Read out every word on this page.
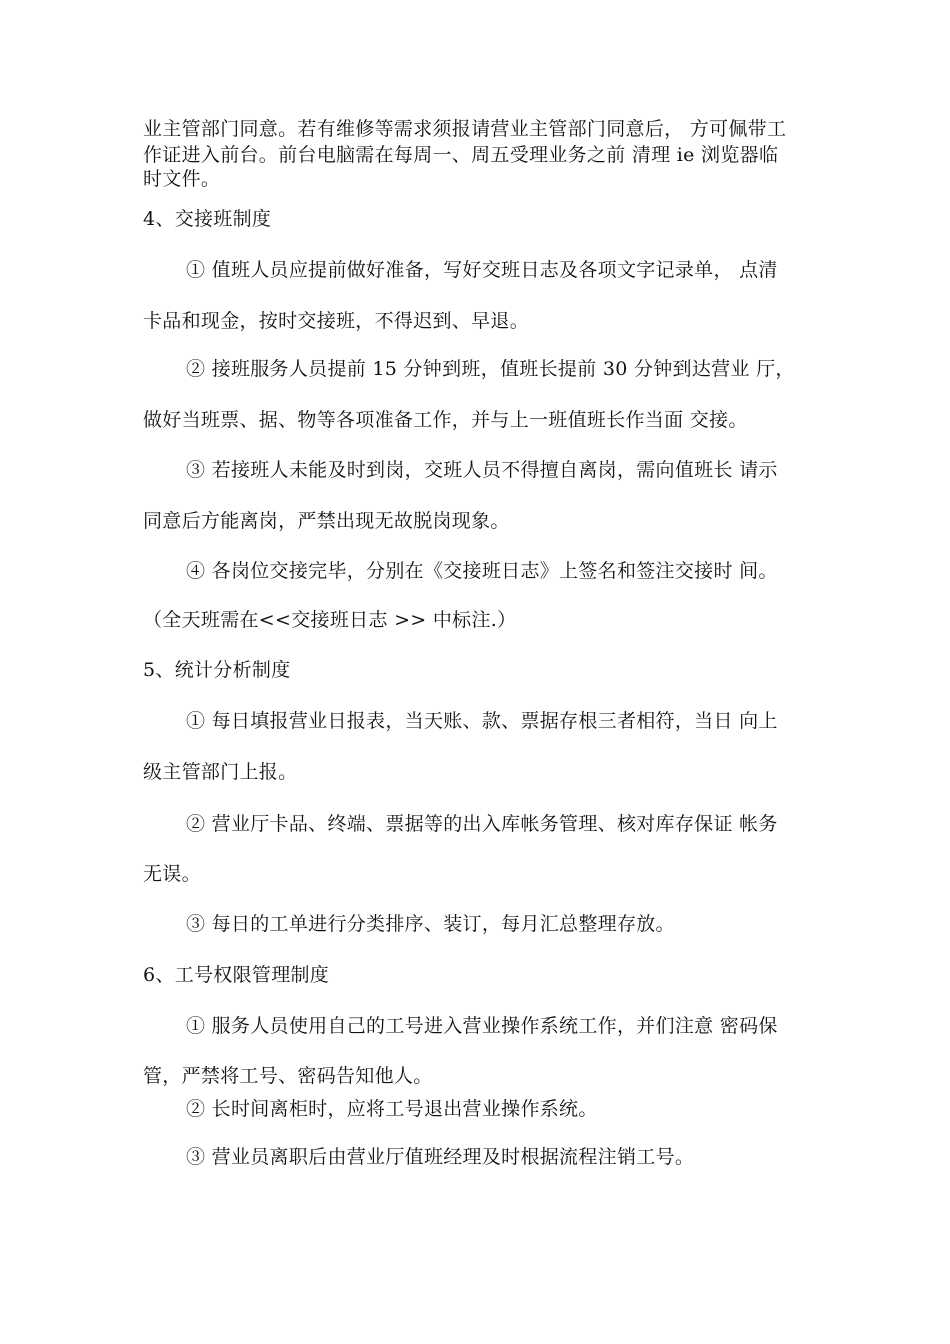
业主管部门同意。若有维修等需求须报请营业主管部门同意后， 方可佩带工
作证进入前台。前台电脑需在每周一、周五受理业务之前 清理 ie 浏览器临
时文件。
4、交接班制度
① 值班人员应提前做好准备，写好交班日志及各项文字记录单， 点清
卡品和现金，按时交接班，不得迟到、早退。
② 接班服务人员提前 15 分钟到班，值班长提前 30 分钟到达营业 厅，
做好当班票、据、物等各项准备工作，并与上一班值班长作当面 交接。
③ 若接班人未能及时到岗，交班人员不得擅自离岗，需向值班长 请示
同意后方能离岗，严禁出现无故脱岗现象。
④ 各岗位交接完毕，分别在《交接班日志》上签名和签注交接时 间。
（全天班需在<<交接班日志 >> 中标注.）
5、统计分析制度
① 每日填报营业日报表，当天账、款、票据存根三者相符，当日 向上
级主管部门上报。
② 营业厅卡品、终端、票据等的出入库帐务管理、核对库存保证 帐务
无误。
③ 每日的工单进行分类排序、装订，每月汇总整理存放。
6、工号权限管理制度
① 服务人员使用自己的工号进入营业操作系统工作，并们注意 密码保
管，严禁将工号、密码告知他人。
② 长时间离柜时，应将工号退出营业操作系统。
③ 营业员离职后由营业厅值班经理及时根据流程注销工号。
